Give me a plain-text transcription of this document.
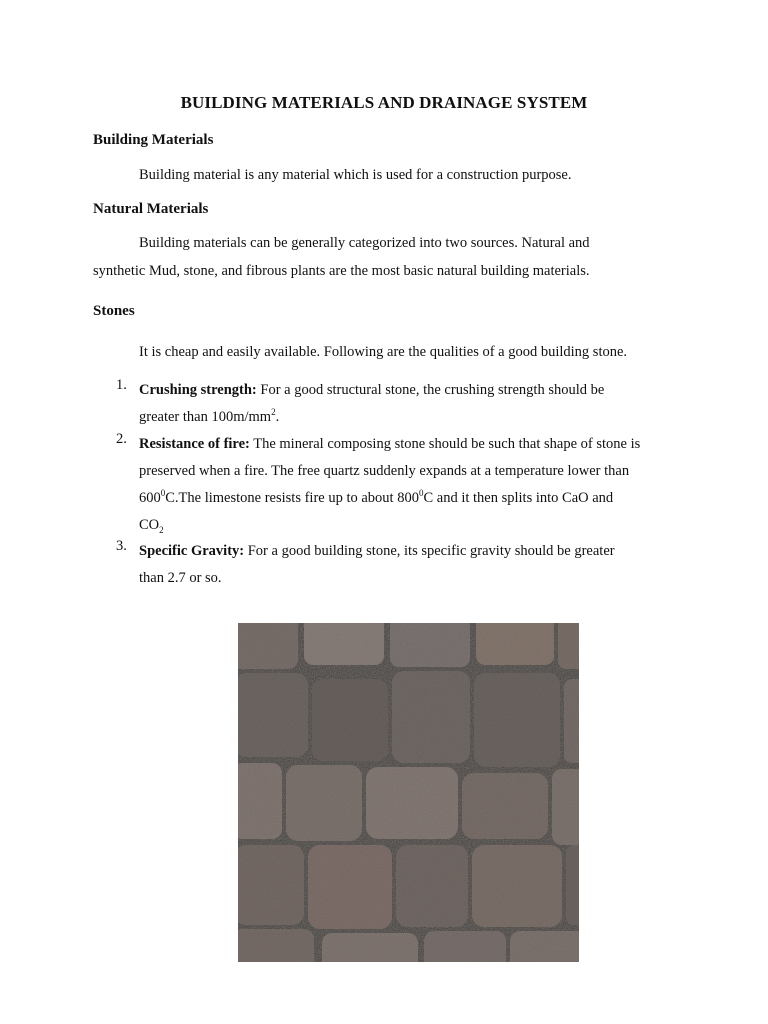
BUILDING MATERIALS AND DRAINAGE SYSTEM
Building Materials

Building material is any material which is used for a construction purpose.

Natural Materials

Building materials can be generally categorized into two sources. Natural and

synthetic Mud, stone, and fibrous plants are the most basic natural building materials.

Stones

It is cheap and easily available. Following are the qualities of a good building stone.

1. Crushing strength: For a good structural stone, the crushing strength should be
greater than $100m/mm^2$.
2. Resistance of fire: The mineral composing stone should be such that shape of stone is
preserved when a fire. The free quartz suddenly expands at a temperature lower than
$600^0C.The$ limestone resists fire up to about $800^0C$ and it then splits into CaO and
$CO_2$
3. Specific Gravity: For a good building stone, its specific gravity should be greater
than 2.7 or so.
